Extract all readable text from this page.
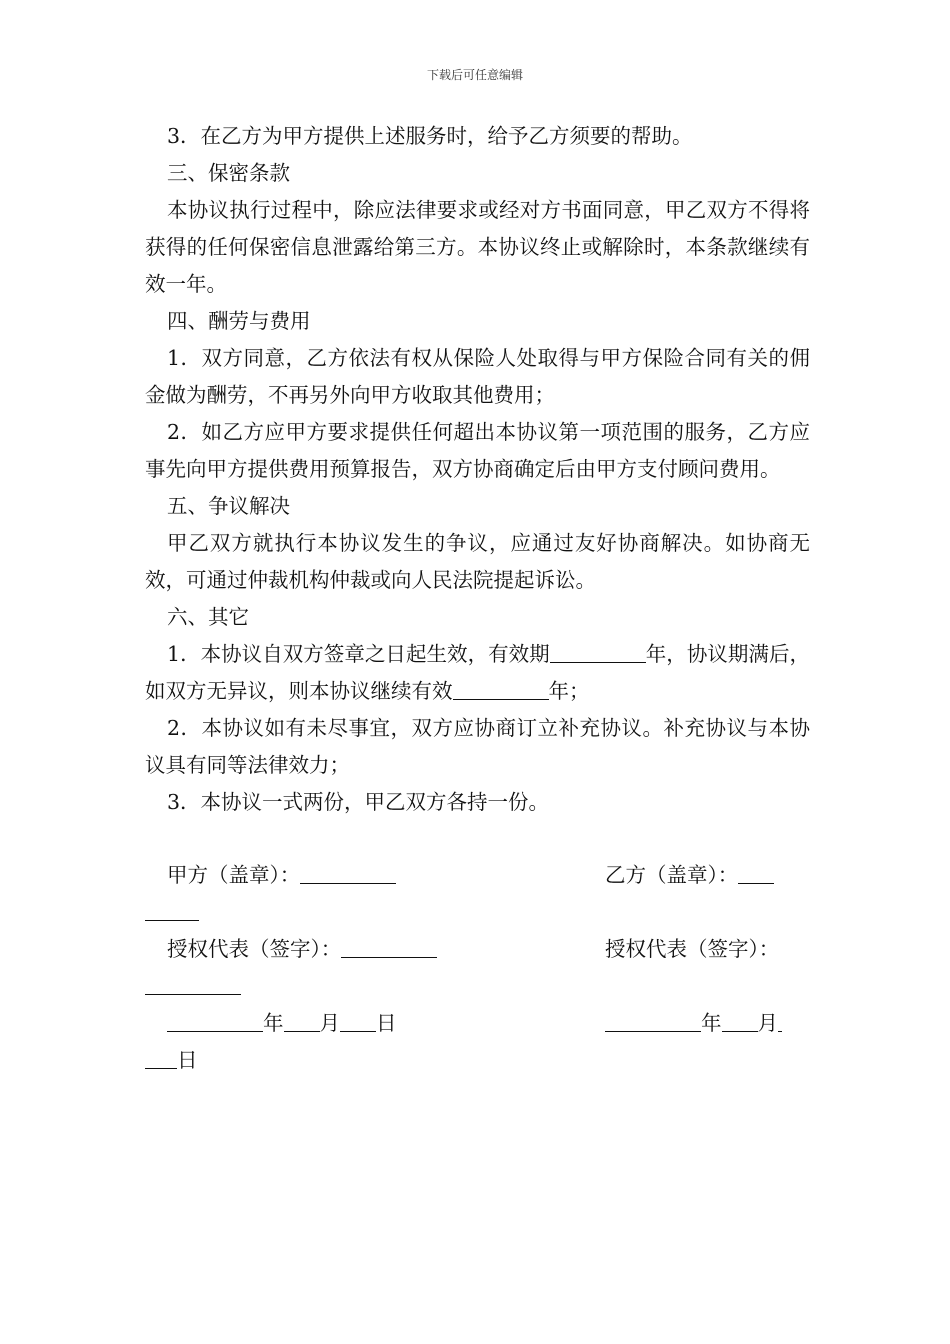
下载后可任意编辑

3．在乙方为甲方提供上述服务时，给予乙方须要的帮助。

三、保密条款

本协议执行过程中，除应法律要求或经对方书面同意，甲乙双方不得将获得的任何保密信息泄露给第三方。本协议终止或解除时，本条款继续有效一年。

四、酬劳与费用

1．双方同意，乙方依法有权从保险人处取得与甲方保险合同有关的佣金做为酬劳，不再另外向甲方收取其他费用；

2．如乙方应甲方要求提供任何超出本协议第一项范围的服务，乙方应事先向甲方提供费用预算报告，双方协商确定后由甲方支付顾问费用。

五、争议解决

甲乙双方就执行本协议发生的争议，应通过友好协商解决。如协商无效，可通过仲裁机构仲裁或向人民法院提起诉讼。

六、其它

1．本协议自双方签章之日起生效，有效期	年，协议期满后，如双方无异议，则本协议继续有效	年；

2．本协议如有未尽事宜，双方应协商订立补充协议。补充协议与本协议具有同等法律效力；

3．本协议一式两份，甲乙双方各持一份。

甲方（盖章）：	乙方（盖章）：
授权代表（签字）：	授权代表（签字）：
年 月 日	年 月
日
